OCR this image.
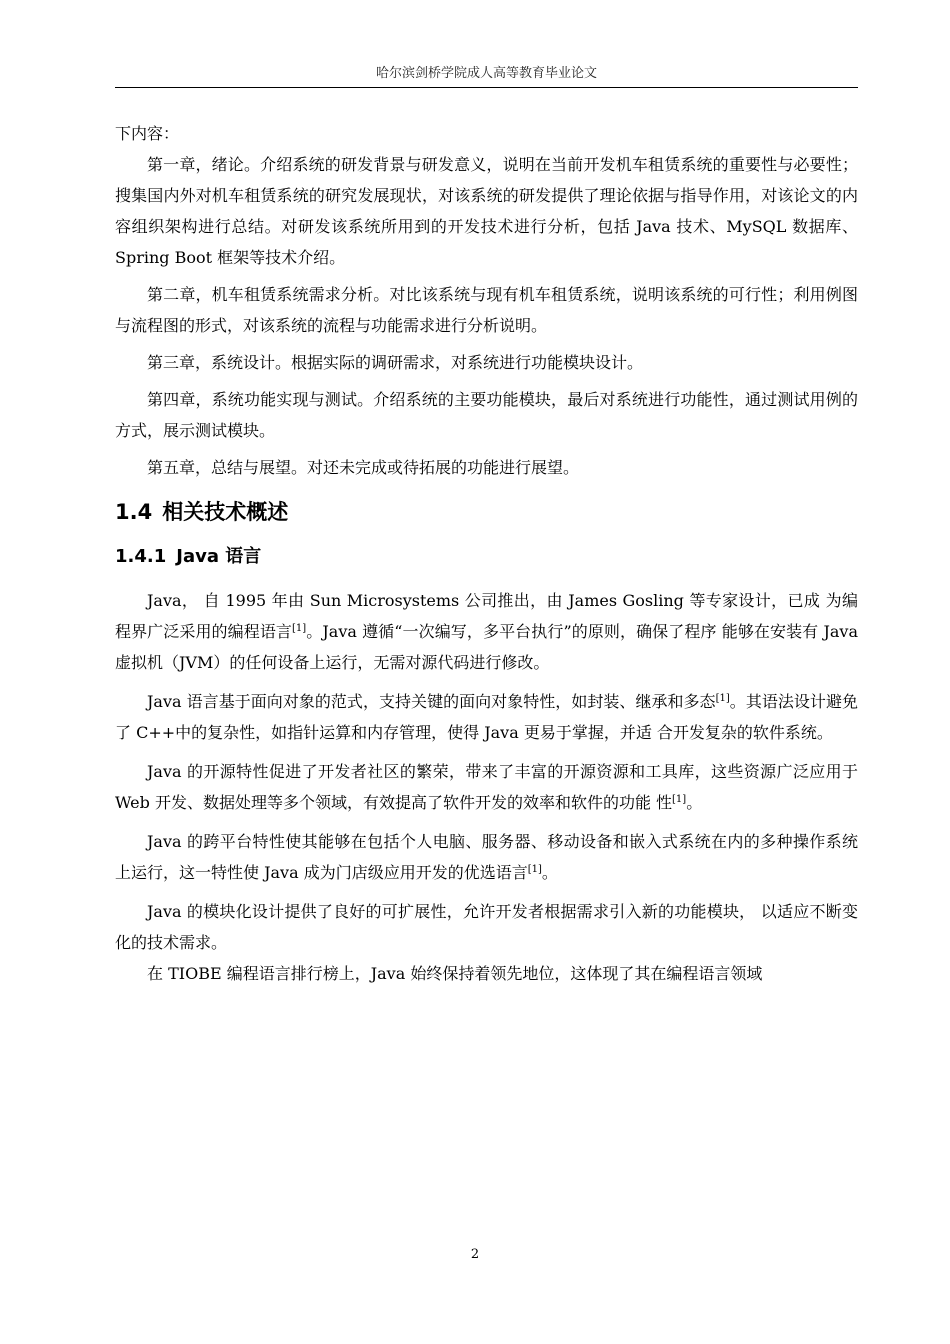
哈尔滨剑桥学院成人高等教育毕业论文

下内容：

第一章，绪论。介绍系统的研发背景与研发意义，说明在当前开发机车租赁系统的重要性与必要性；搜集国内外对机车租赁系统的研究发展现状，对该系统的研发提供了理论依据与指导作用，对该论文的内容组织架构进行总结。对研发该系统所用到的开发技术进行分析，包括 Java 技术、MySQL 数据库、Spring Boot 框架等技术介绍。

第二章，机车租赁系统需求分析。对比该系统与现有机车租赁系统，说明该系统的可行性；利用例图与流程图的形式，对该系统的流程与功能需求进行分析说明。

第三章，系统设计。根据实际的调研需求，对系统进行功能模块设计。

第四章，系统功能实现与测试。介绍系统的主要功能模块，最后对系统进行功能性，通过测试用例的方式，展示测试模块。

第五章，总结与展望。对还未完成或待拓展的功能进行展望。

1.4 相关技术概述
1.4.1 Java 语言

Java， 自 1995 年由 Sun Microsystems 公司推出，由 James Gosling 等专家设计，已成 为编程界广泛采用的编程语言[1]。Java 遵循“一次编写，多平台执行”的原则，确保了程序 能够在安装有 Java 虚拟机（JVM）的任何设备上运行，无需对源代码进行修改。

Java 语言基于面向对象的范式，支持关键的面向对象特性，如封装、继承和多态[1]。其语法设计避免了 C++中的复杂性，如指针运算和内存管理，使得 Java 更易于掌握，并适 合开发复杂的软件系统。

Java 的开源特性促进了开发者社区的繁荣，带来了丰富的开源资源和工具库，这些资源广泛应用于 Web 开发、数据处理等多个领域，有效提高了软件开发的效率和软件的功能 性[1]。

Java 的跨平台特性使其能够在包括个人电脑、服务器、移动设备和嵌入式系统在内的多种操作系统上运行，这一特性使 Java 成为门店级应用开发的优选语言[1]。

Java 的模块化设计提供了良好的可扩展性，允许开发者根据需求引入新的功能模块， 以适应不断变化的技术需求。

在 TIOBE 编程语言排行榜上，Java 始终保持着领先地位，这体现了其在编程语言领域

2
